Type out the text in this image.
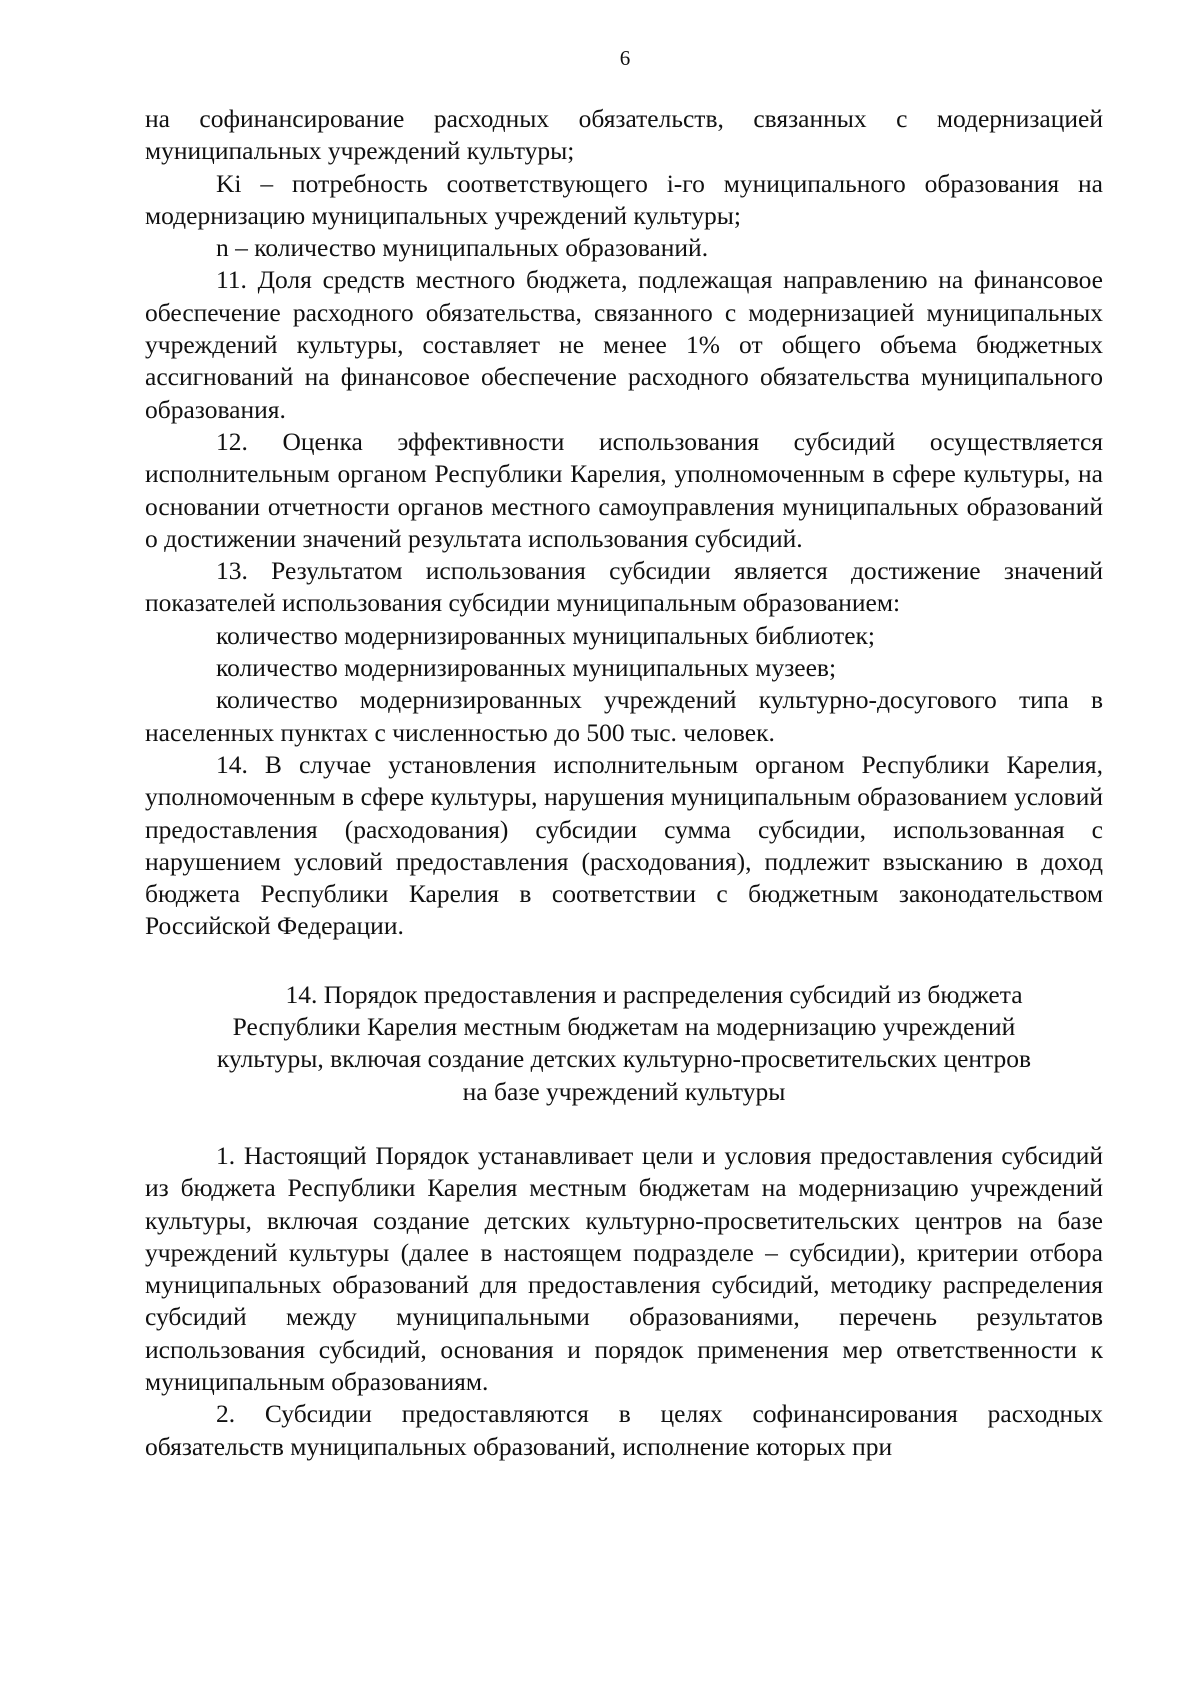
6

на софинансирование расходных обязательств, связанных с модернизацией муниципальных учреждений культуры;

Ki – потребность соответствующего i-го муниципального образования на модернизацию муниципальных учреждений культуры;

n – количество муниципальных образований.

11. Доля средств местного бюджета, подлежащая направлению на финансовое обеспечение расходного обязательства, связанного с модернизацией муниципальных учреждений культуры, составляет не менее 1% от общего объема бюджетных ассигнований на финансовое обеспечение расходного обязательства муниципального образования.

12. Оценка эффективности использования субсидий осуществляется исполнительным органом Республики Карелия, уполномоченным в сфере культуры, на основании отчетности органов местного самоуправления муниципальных образований о достижении значений результата использования субсидий.

13. Результатом использования субсидии является достижение значений показателей использования субсидии муниципальным образованием:

количество модернизированных муниципальных библиотек;

количество модернизированных муниципальных музеев;

количество модернизированных учреждений культурно-досугового типа в населенных пунктах с численностью до 500 тыс. человек.

14. В случае установления исполнительным органом Республики Карелия, уполномоченным в сфере культуры, нарушения муниципальным образованием условий предоставления (расходования) субсидии сумма субсидии, использованная с нарушением условий предоставления (расходования), подлежит взысканию в доход бюджета Республики Карелия в соответствии с бюджетным законодательством Российской Федерации.

14. Порядок предоставления и распределения субсидий из бюджета
Республики Карелия местным бюджетам на модернизацию учреждений
культуры, включая создание детских культурно-просветительских центров
на базе учреждений культуры

1. Настоящий Порядок устанавливает цели и условия предоставления субсидий из бюджета Республики Карелия местным бюджетам на модернизацию учреждений культуры, включая создание детских культурно-просветительских центров на базе учреждений культуры (далее в настоящем подразделе – субсидии), критерии отбора муниципальных образований для предоставления субсидий, методику распределения субсидий между муниципальными образованиями, перечень результатов использования субсидий, основания и порядок применения мер ответственности к муниципальным образованиям.

2. Субсидии предоставляются в целях софинансирования расходных обязательств муниципальных образований, исполнение которых при
